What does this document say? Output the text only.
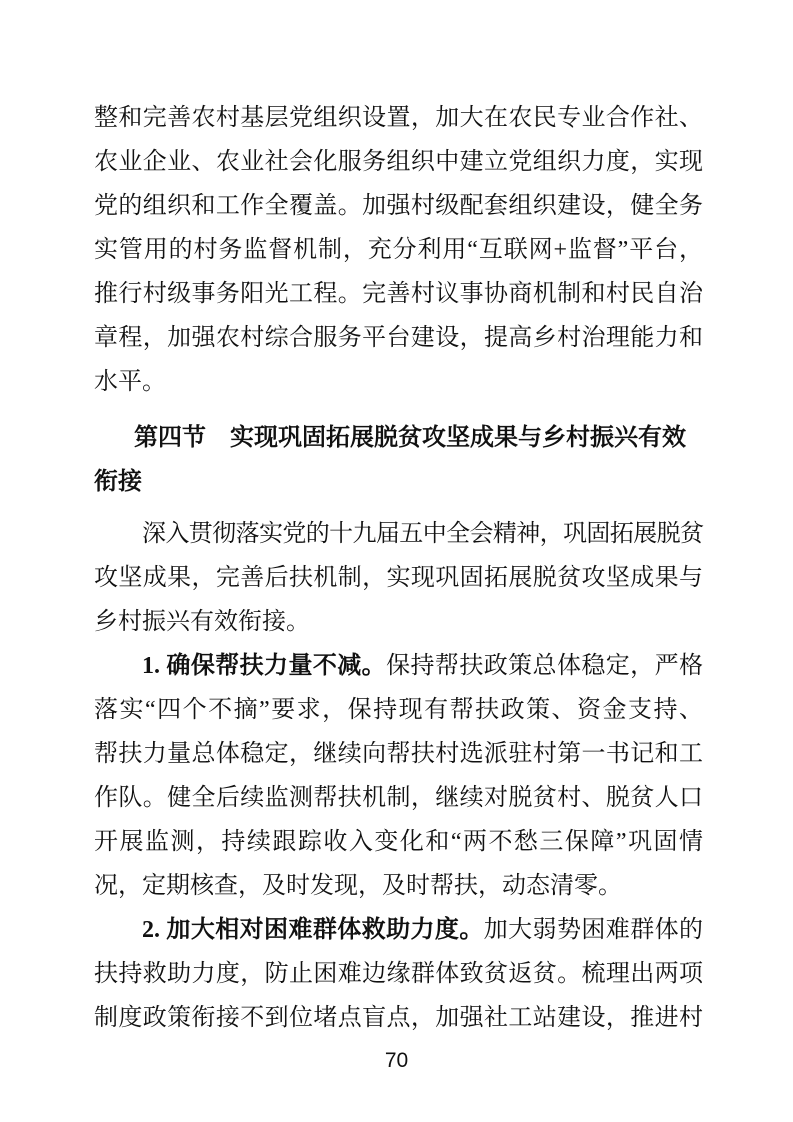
整和完善农村基层党组织设置，加大在农民专业合作社、
农业企业、农业社会化服务组织中建立党组织力度，实现
党的组织和工作全覆盖。加强村级配套组织建设，健全务
实管用的村务监督机制，充分利用“互联网+监督”平台，
推行村级事务阳光工程。完善村议事协商机制和村民自治
章程，加强农村综合服务平台建设，提高乡村治理能力和
水平。
第四节　实现巩固拓展脱贫攻坚成果与乡村振兴有效
衔接
深入贯彻落实党的十九届五中全会精神，巩固拓展脱贫
攻坚成果，完善后扶机制，实现巩固拓展脱贫攻坚成果与
乡村振兴有效衔接。
1. 确保帮扶力量不减。保持帮扶政策总体稳定，严格
落实“四个不摘”要求，保持现有帮扶政策、资金支持、
帮扶力量总体稳定，继续向帮扶村选派驻村第一书记和工
作队。健全后续监测帮扶机制，继续对脱贫村、脱贫人口
开展监测，持续跟踪收入变化和“两不愁三保障”巩固情
况，定期核查，及时发现，及时帮扶，动态清零。
2. 加大相对困难群体救助力度。加大弱势困难群体的
扶持救助力度，防止困难边缘群体致贫返贫。梳理出两项
制度政策衔接不到位堵点盲点，加强社工站建设，推进村
70
